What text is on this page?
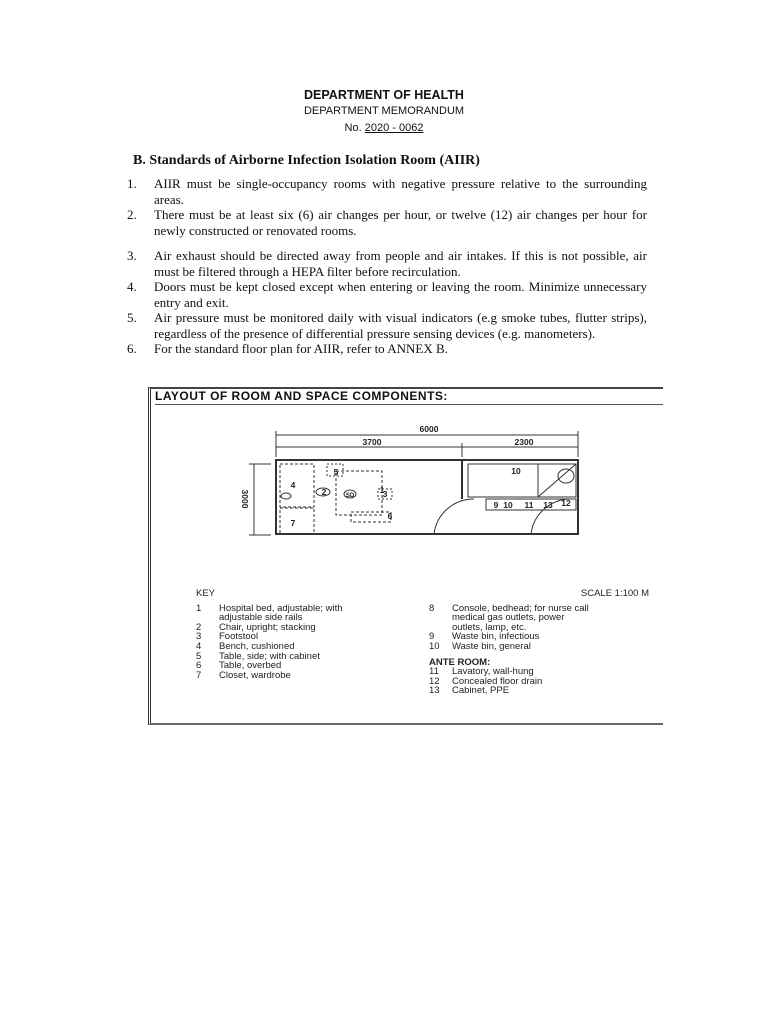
DEPARTMENT OF HEALTH
DEPARTMENT MEMORANDUM
No. 2020 - 0062
B. Standards of Airborne Infection Isolation Room (AIIR)
1.	AIIR must be single-occupancy rooms with negative pressure relative to the surrounding areas.
2.	There must be at least six (6) air changes per hour, or twelve (12) air changes per hour for newly constructed or renovated rooms.
3.	Air exhaust should be directed away from people and air intakes. If this is not possible, air must be filtered through a HEPA filter before recirculation.
4.	Doors must be kept closed except when entering or leaving the room. Minimize unnecessary entry and exit.
5.	Air pressure must be monitored daily with visual indicators (e.g smoke tubes, flutter strips), regardless of the presence of differential pressure sensing devices (e.g. manometers).
6.	For the standard floor plan for AIIR, refer to ANNEX B.
LAYOUT OF ROOM AND SPACE COMPONENTS:
6000
3700	2300
3000	1
2	3
4
5
6
7
10
9 10 11 13 12
SD
KEY
1	Hospital bed, adjustable; with
adjustable side rails
2	Chair, upright; stacking
3	Footstool
4	Bench, cushioned
5	Table, side; with cabinet
6	Table, overbed
7	Closet, wardrobe
SCALE 1:100 M
8	Console, bedhead; for nurse call
medical gas outlets, power
outlets, lamp, etc.
9	Waste bin, infectious
10	Waste bin, general
ANTE ROOM:
11	Lavatory, wall-hung
12	Concealed floor drain
13	Cabinet, PPE
